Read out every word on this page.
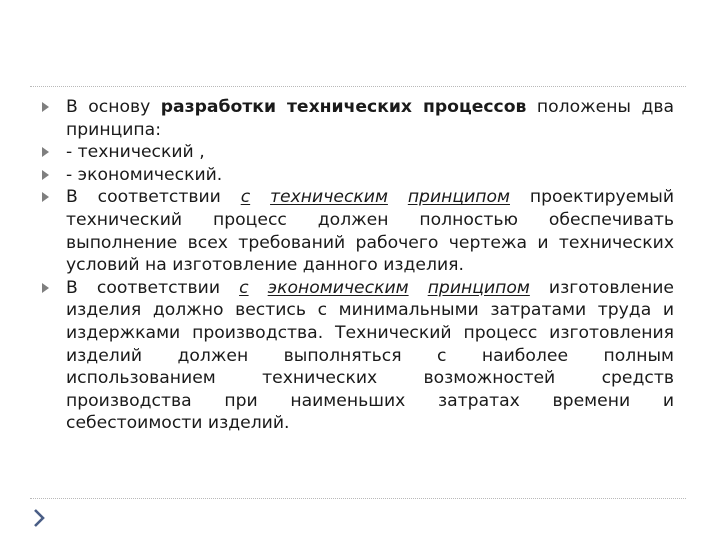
В основу разработки технических процессов положены два принципа:
- технический ,
- экономический.
В соответствии с техническим принципом проектируемый технический процесс должен полностью обеспечивать выполнение всех требований рабочего чертежа и технических условий на изготовление данного изделия.
В соответствии с экономическим принципом изготовление изделия должно вестись с минимальными затратами труда и издержками производства. Технический процесс изготовления изделий должен выполняться с наиболее полным использованием технических возможностей средств производства при наименьших затратах времени и себестоимости изделий.
